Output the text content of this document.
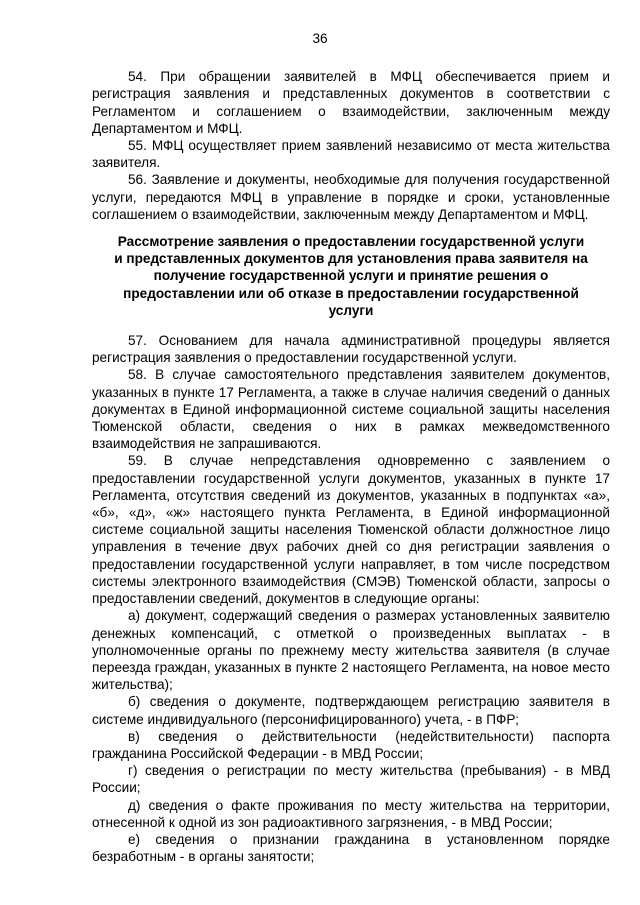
36

54. При обращении заявителей в МФЦ обеспечивается прием и регистрация заявления и представленных документов в соответствии с Регламентом и соглашением о взаимодействии, заключенным между Департаментом и МФЦ.

55. МФЦ осуществляет прием заявлений независимо от места жительства заявителя.

56. Заявление и документы, необходимые для получения государственной услуги, передаются МФЦ в управление в порядке и сроки, установленные соглашением о взаимодействии, заключенным между Департаментом и МФЦ.

Рассмотрение заявления о предоставлении государственной услуги и представленных документов для установления права заявителя на получение государственной услуги и принятие решения о предоставлении или об отказе в предоставлении государственной услуги

57. Основанием для начала административной процедуры является регистрация заявления о предоставлении государственной услуги.

58. В случае самостоятельного представления заявителем документов, указанных в пункте 17 Регламента, а также в случае наличия сведений о данных документах в Единой информационной системе социальной защиты населения Тюменской области, сведения о них в рамках межведомственного взаимодействия не запрашиваются.

59. В случае непредставления одновременно с заявлением о предоставлении государственной услуги документов, указанных в пункте 17 Регламента, отсутствия сведений из документов, указанных в подпунктах «а», «б», «д», «ж» настоящего пункта Регламента, в Единой информационной системе социальной защиты населения Тюменской области должностное лицо управления в течение двух рабочих дней со дня регистрации заявления о предоставлении государственной услуги направляет, в том числе посредством системы электронного взаимодействия (СМЭВ) Тюменской области, запросы о предоставлении сведений, документов в следующие органы:

а) документ, содержащий сведения о размерах установленных заявителю денежных компенсаций, с отметкой о произведенных выплатах - в уполномоченные органы по прежнему месту жительства заявителя (в случае переезда граждан, указанных в пункте 2 настоящего Регламента, на новое место жительства);

б) сведения о документе, подтверждающем регистрацию заявителя в системе индивидуального (персонифицированного) учета, - в ПФР;

в) сведения о действительности (недействительности) паспорта гражданина Российской Федерации - в МВД России;

г) сведения о регистрации по месту жительства (пребывания) - в МВД России;

д) сведения о факте проживания по месту жительства на территории, отнесенной к одной из зон радиоактивного загрязнения, - в МВД России;

е) сведения о признании гражданина в установленном порядке безработным - в органы занятости;
